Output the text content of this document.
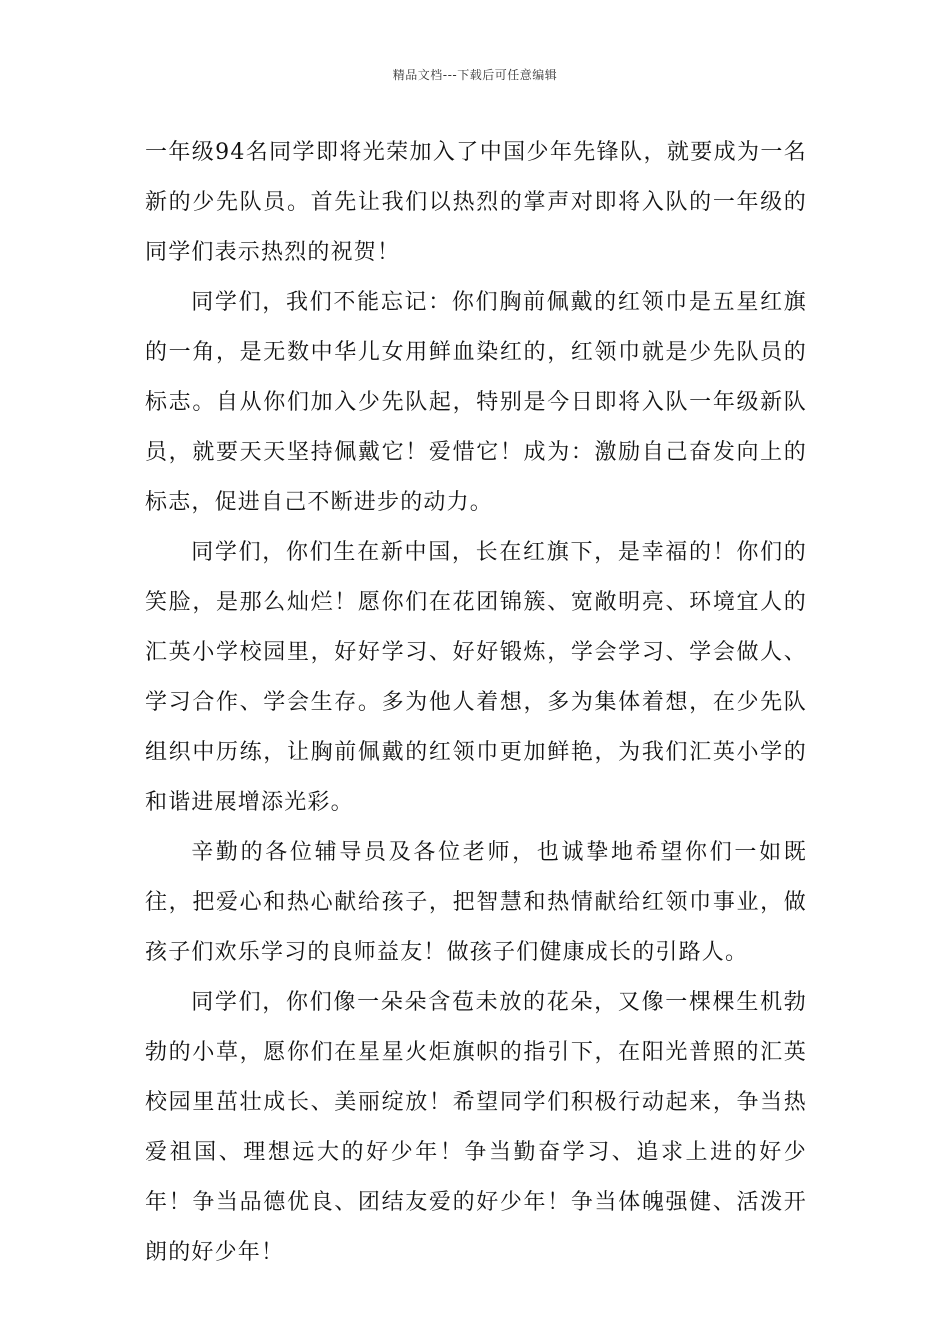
精品文档---下载后可任意编辑

一年级94名同学即将光荣加入了中国少年先锋队，就要成为一名新的少先队员。首先让我们以热烈的掌声对即将入队的一年级的同学们表示热烈的祝贺！

同学们，我们不能忘记：你们胸前佩戴的红领巾是五星红旗的一角，是无数中华儿女用鲜血染红的，红领巾就是少先队员的标志。自从你们加入少先队起，特别是今日即将入队一年级新队员，就要天天坚持佩戴它！爱惜它！成为：激励自己奋发向上的标志，促进自己不断进步的动力。

同学们，你们生在新中国，长在红旗下，是幸福的！你们的笑脸，是那么灿烂！愿你们在花团锦簇、宽敞明亮、环境宜人的汇英小学校园里，好好学习、好好锻炼，学会学习、学会做人、学习合作、学会生存。多为他人着想，多为集体着想，在少先队组织中历练，让胸前佩戴的红领巾更加鲜艳，为我们汇英小学的和谐进展增添光彩。

辛勤的各位辅导员及各位老师，也诚挚地希望你们一如既往，把爱心和热心献给孩子，把智慧和热情献给红领巾事业，做孩子们欢乐学习的良师益友！做孩子们健康成长的引路人。

同学们，你们像一朵朵含苞未放的花朵，又像一棵棵生机勃勃的小草，愿你们在星星火炬旗帜的指引下，在阳光普照的汇英校园里茁壮成长、美丽绽放！希望同学们积极行动起来，争当热爱祖国、理想远大的好少年！争当勤奋学习、追求上进的好少年！争当品德优良、团结友爱的好少年！争当体魄强健、活泼开朗的好少年！
